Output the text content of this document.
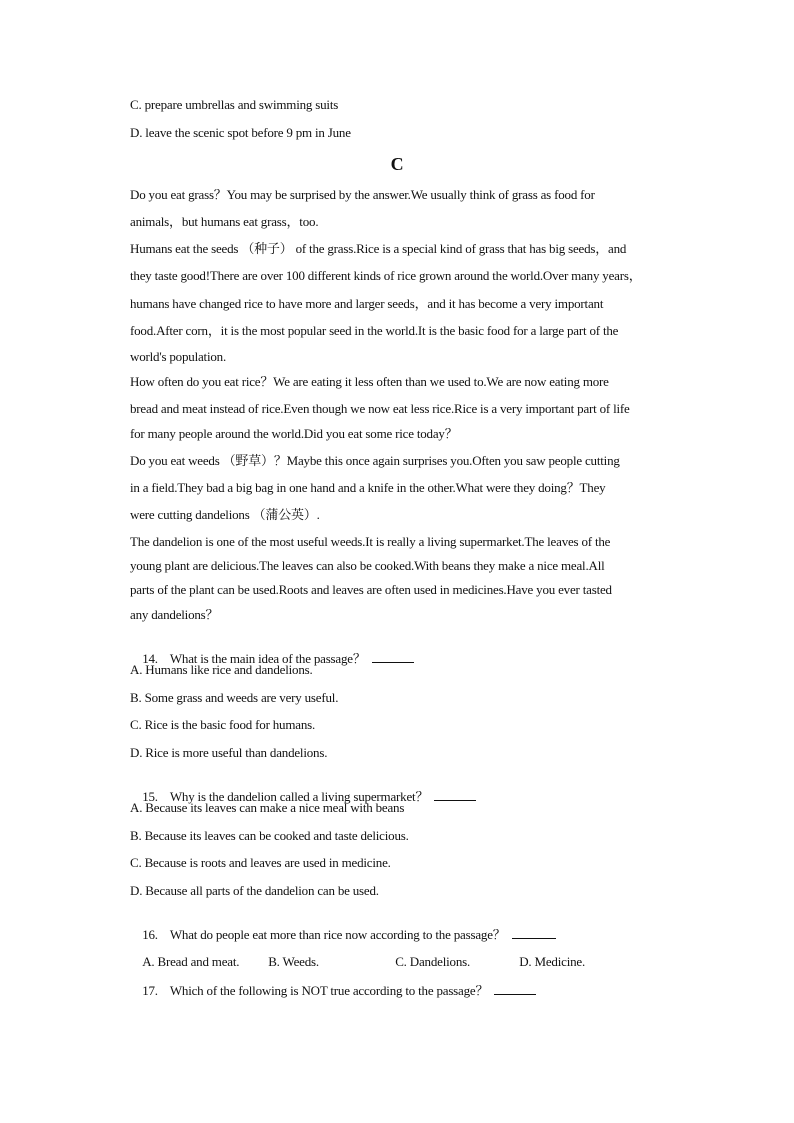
C. prepare umbrellas and swimming suits
D. leave the scenic spot before 9 pm in June
C
Do you eat grass？You may be surprised by the answer.We usually think of grass as food for
animals，but humans eat grass，too.
Humans eat the seeds （种子） of the grass.Rice is a special kind of grass that has big seeds，and
they taste good!There are over 100 different kinds of rice grown around the world.Over many years，
humans have changed rice to have more and larger seeds，and it has become a very important
food.After corn，it is the most popular seed in the world.It is the basic food for a large part of the
world's population.
How often do you eat rice？We are eating it less often than we used to.We are now eating more
bread and meat instead of rice.Even though we now eat less rice.Rice is a very important part of life
for many people around the world.Did you eat some rice today？
Do you eat weeds （野草）？Maybe this once again surprises you.Often you saw people cutting
in a field.They bad a big bag in one hand and a knife in the other.What were they doing？They
were cutting dandelions （蒲公英）.
The dandelion is one of the most useful weeds.It is really a living supermarket.The leaves of the
young plant are delicious.The leaves can also be cooked.With beans they make a nice meal.All
parts of the plant can be used.Roots and leaves are often used in medicines.Have you ever tasted
any dandelions？

14.    What is the main idea of the passage？

A. Humans like rice and dandelions.
B. Some grass and weeds are very useful.
C. Rice is the basic food for humans.
D. Rice is more useful than dandelions.

15.    Why is the dandelion called a living supermarket？

A. Because its leaves can make a nice meal with beans
B. Because its leaves can be cooked and taste delicious.
C. Because is roots and leaves are used in medicine.
D. Because all parts of the dandelion can be used.

16.    What do people eat more than rice now according to the passage？

A. Bread and meat. B. Weeds.	C. Dandelions.	D. Medicine.

17.    Which of the following is NOT true according to the passage？
